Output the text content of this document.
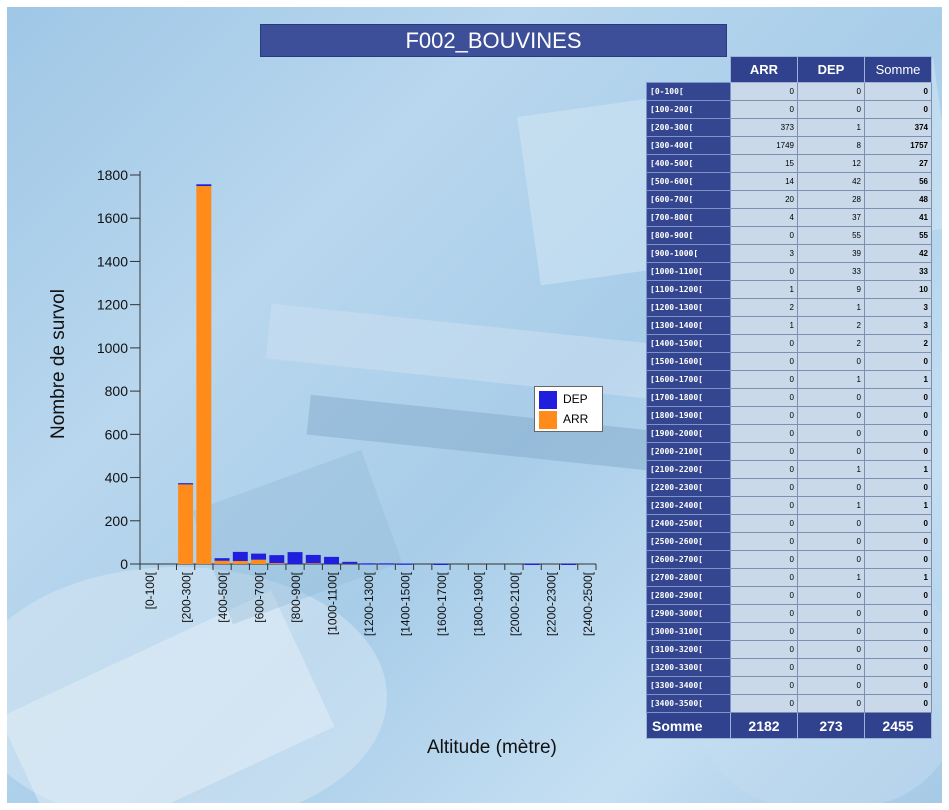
F002_BOUVINES
0
200
400
600
800
1000
1200
1400
1600
1800
[0-100[ [200-300[ [400-500[ [600-700[ [800-900[ [1000-1100[ [1200-1300[ [1400-1500[ [1600-1700[ [1800-1900[ [2000-2100[ [2200-2300[ [2400-2500[
Nombre de survol
Altitude (mètre)
DEP
ARR
	ARR	DEP	Somme
[0-100[	0	0	0
[100-200[	0	0	0
[200-300[	373	1	374
[300-400[	1749	8	1757
[400-500[	15	12	27
[500-600[	14	42	56
[600-700[	20	28	48
[700-800[	4	37	41
[800-900[	0	55	55
[900-1000[	3	39	42
[1000-1100[	0	33	33
[1100-1200[	1	9	10
[1200-1300[	2	1	3
[1300-1400[	1	2	3
[1400-1500[	0	2	2
[1500-1600[	0	0	0
[1600-1700[	0	1	1
[1700-1800[	0	0	0
[1800-1900[	0	0	0
[1900-2000[	0	0	0
[2000-2100[	0	0	0
[2100-2200[	0	1	1
[2200-2300[	0	0	0
[2300-2400[	0	1	1
[2400-2500[	0	0	0
[2500-2600[	0	0	0
[2600-2700[	0	0	0
[2700-2800[	0	1	1
[2800-2900[	0	0	0
[2900-3000[	0	0	0
[3000-3100[	0	0	0
[3100-3200[	0	0	0
[3200-3300[	0	0	0
[3300-3400[	0	0	0
[3400-3500[	0	0	0
Somme	2182	273	2455
